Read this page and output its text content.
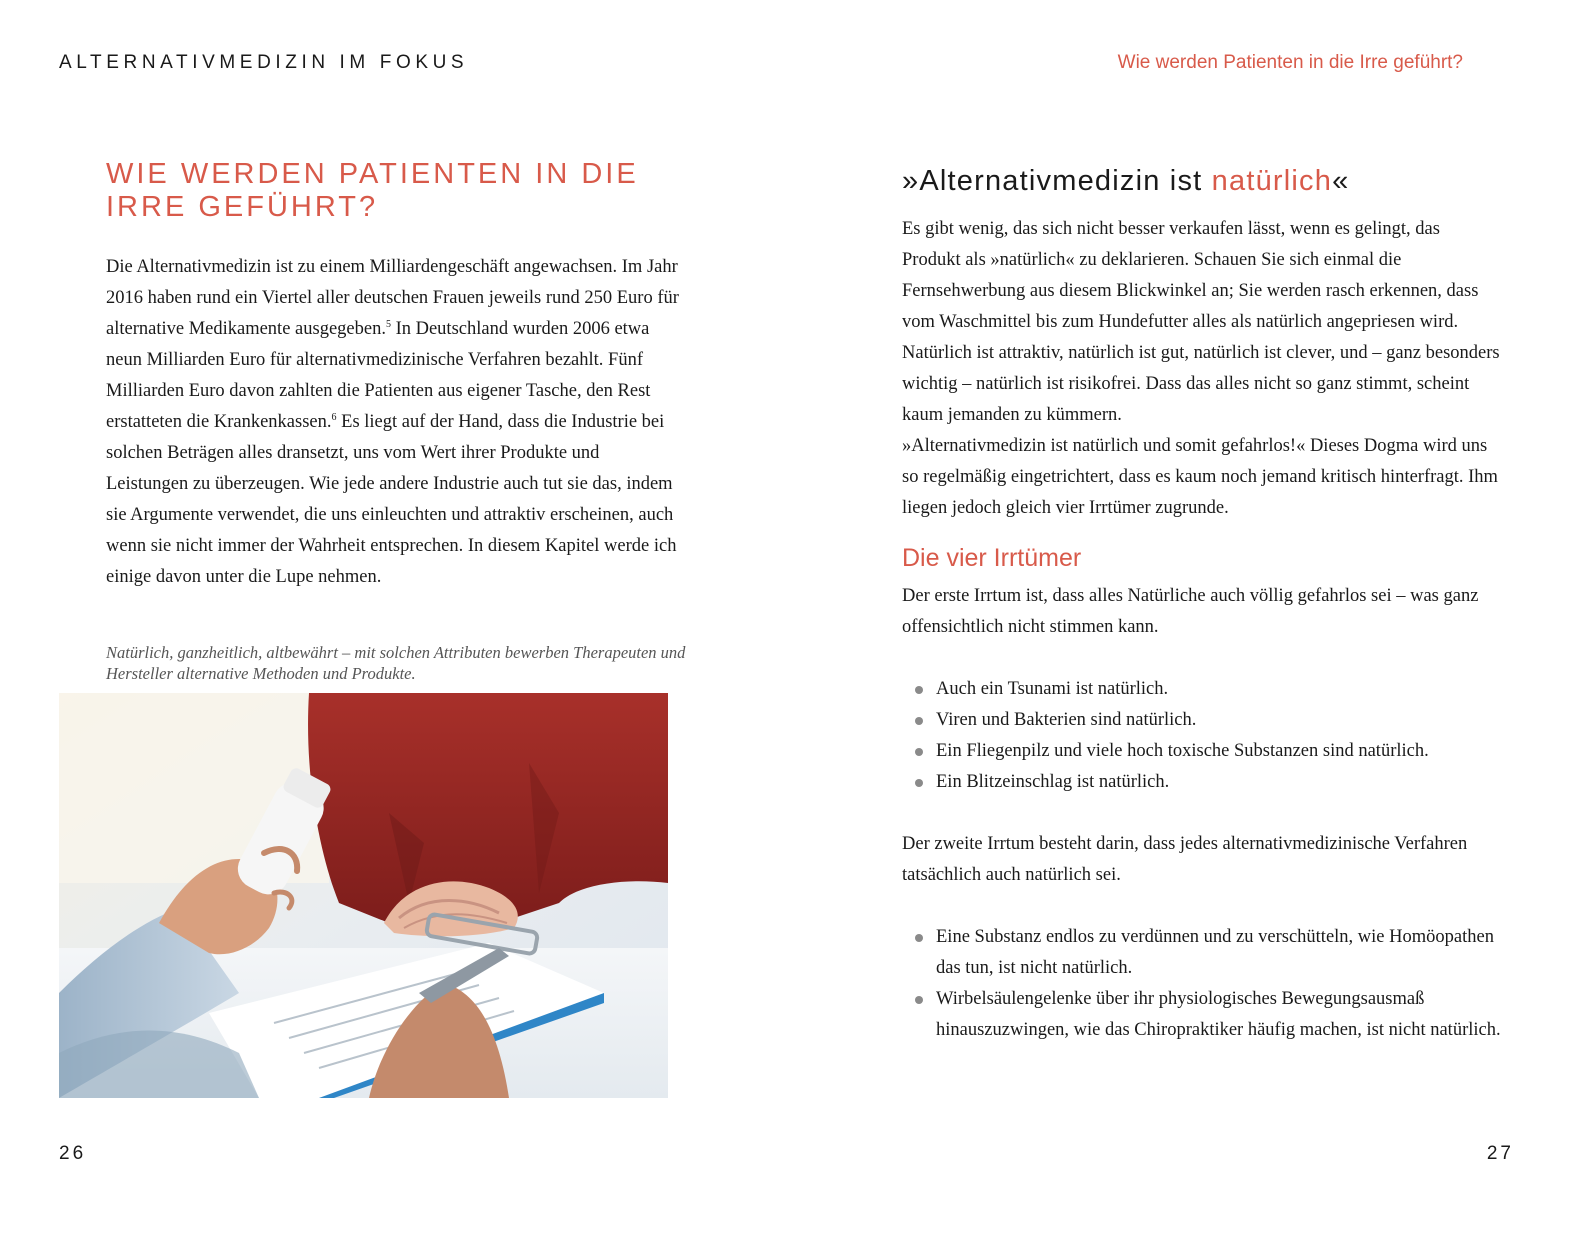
ALTERNATIVMEDIZIN IM FOKUS	Wie werden Patienten in die Irre geführt?
WIE WERDEN PATIENTEN IN DIE
IRRE GEFÜHRT?

Die Alternativmedizin ist zu einem Milliardengeschäft angewachsen. Im Jahr 2016 haben rund ein Viertel aller deutschen Frauen jeweils rund 250 Euro für alternative Medikamente ausgegeben.$^5$ In Deutschland wurden 2006 etwa neun Milliarden Euro für alternativmedizinische Verfahren bezahlt. Fünf Milliarden Euro davon zahlten die Patienten aus eigener Tasche, den Rest erstatteten die Krankenkassen.$^6$ Es liegt auf der Hand, dass die Industrie bei solchen Beträgen alles dransetzt, uns vom Wert ihrer Produkte und Leistungen zu überzeugen. Wie jede andere Industrie auch tut sie das, indem sie Argumente verwendet, die uns einleuchten und attraktiv erscheinen, auch wenn sie nicht immer der Wahrheit entsprechen. In diesem Kapitel werde ich einige davon unter die Lupe nehmen.

Natürlich, ganzheitlich, altbewährt – mit solchen Attributen bewerben Therapeuten und Hersteller alternative Methoden und Produkte.

26
»Alternativmedizin ist natürlich«

Es gibt wenig, das sich nicht besser verkaufen lässt, wenn es gelingt, das Produkt als »natürlich« zu deklarieren. Schauen Sie sich einmal die Fernsehwerbung aus diesem Blickwinkel an; Sie werden rasch erkennen, dass vom Waschmittel bis zum Hundefutter alles als natürlich angepriesen wird. Natürlich ist attraktiv, natürlich ist gut, natürlich ist clever, und – ganz besonders wichtig – natürlich ist risikofrei. Dass das alles nicht so ganz stimmt, scheint kaum jemanden zu kümmern.

»Alternativmedizin ist natürlich und somit gefahrlos!« Dieses Dogma wird uns so regelmäßig eingetrichtert, dass es kaum noch jemand kritisch hinterfragt. Ihm liegen jedoch gleich vier Irrtümer zugrunde.

Die vier Irrtümer

Der erste Irrtum ist, dass alles Natürliche auch völlig gefahrlos sei – was ganz offensichtlich nicht stimmen kann.

Auch ein Tsunami ist natürlich.
Viren und Bakterien sind natürlich.
Ein Fliegenpilz und viele hoch toxische Substanzen sind natürlich.
Ein Blitzeinschlag ist natürlich.

Der zweite Irrtum besteht darin, dass jedes alternativmedizinische Verfahren tatsächlich auch natürlich sei.

Eine Substanz endlos zu verdünnen und zu verschütteln, wie Homöopathen das tun, ist nicht natürlich.
Wirbelsäulengelenke über ihr physiologisches Bewegungsausmaß hinauszuzwingen, wie das Chiropraktiker häufig machen, ist nicht natürlich.
27
